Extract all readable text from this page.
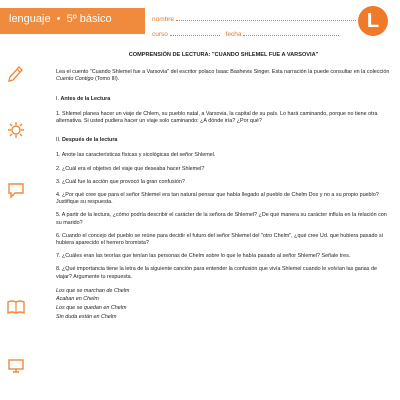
lenguaje • 5º básico	nombre
curso	fecha
L
COMPRENSIÓN DE LECTURA: "CUANDO SHLEMEL FUE A VARSOVIA"
Lea el cuento "Cuando Shlemel fue a Varsovia" del escritor polaco Isaac Bashevis Singer. Esta narración la puede consultar en la colección Cuento Contigo (Tomo III).
I. Antes de la Lectura
1. Shlemel planea hacer un viaje de Chlem, su pueblo natal, a Varsovia, la capital de su país. Lo hará caminando, porque no tiene otra alternativa. Si usted pudiera hacer un viaje solo caminando: ¿A dónde iría? ¿Por qué?
II. Después de la lectura
1. Anote las características físicas y sicológicas del señor Shlemel.
2. ¿Cuál era el objetivo del viaje que deseaba hacer Shlemel?
3. ¿Cuál fue la acción que provocó la gran confusión?
4. ¿Por qué cree que para el señor Shlemel era tan natural pensar que había llegado al pueblo de Chelm Dos y no a su propio pueblo? Justifique su respuesta.
5. A partir de la lectura, ¿cómo podría describir el carácter de la señora de Shlemel? ¿De qué manera su carácter influía en la relación con su marido?
6. Cuando el concejo del pueblo se reúne para decidir el futuro del señor Shlemel del "otro Chelm", ¿qué cree Ud. que hubiera pasado si hubiera aparecido el herrero bromista?
7. ¿Cuáles eran las teorías que tenían las personas de Chelm sobre lo que le había pasado al señor Shlemel? Señale tres.
8. ¿Qué importancia tiene la letra de la siguiente canción para entender la confusión que vivía Shlemel cuando le volvían las ganas de viajar? Argumente tu respuesta.
Los que se marchan de Chelm
Acaban en Chelm
Los que se quedan en Chelm
Sin duda están en Chelm
